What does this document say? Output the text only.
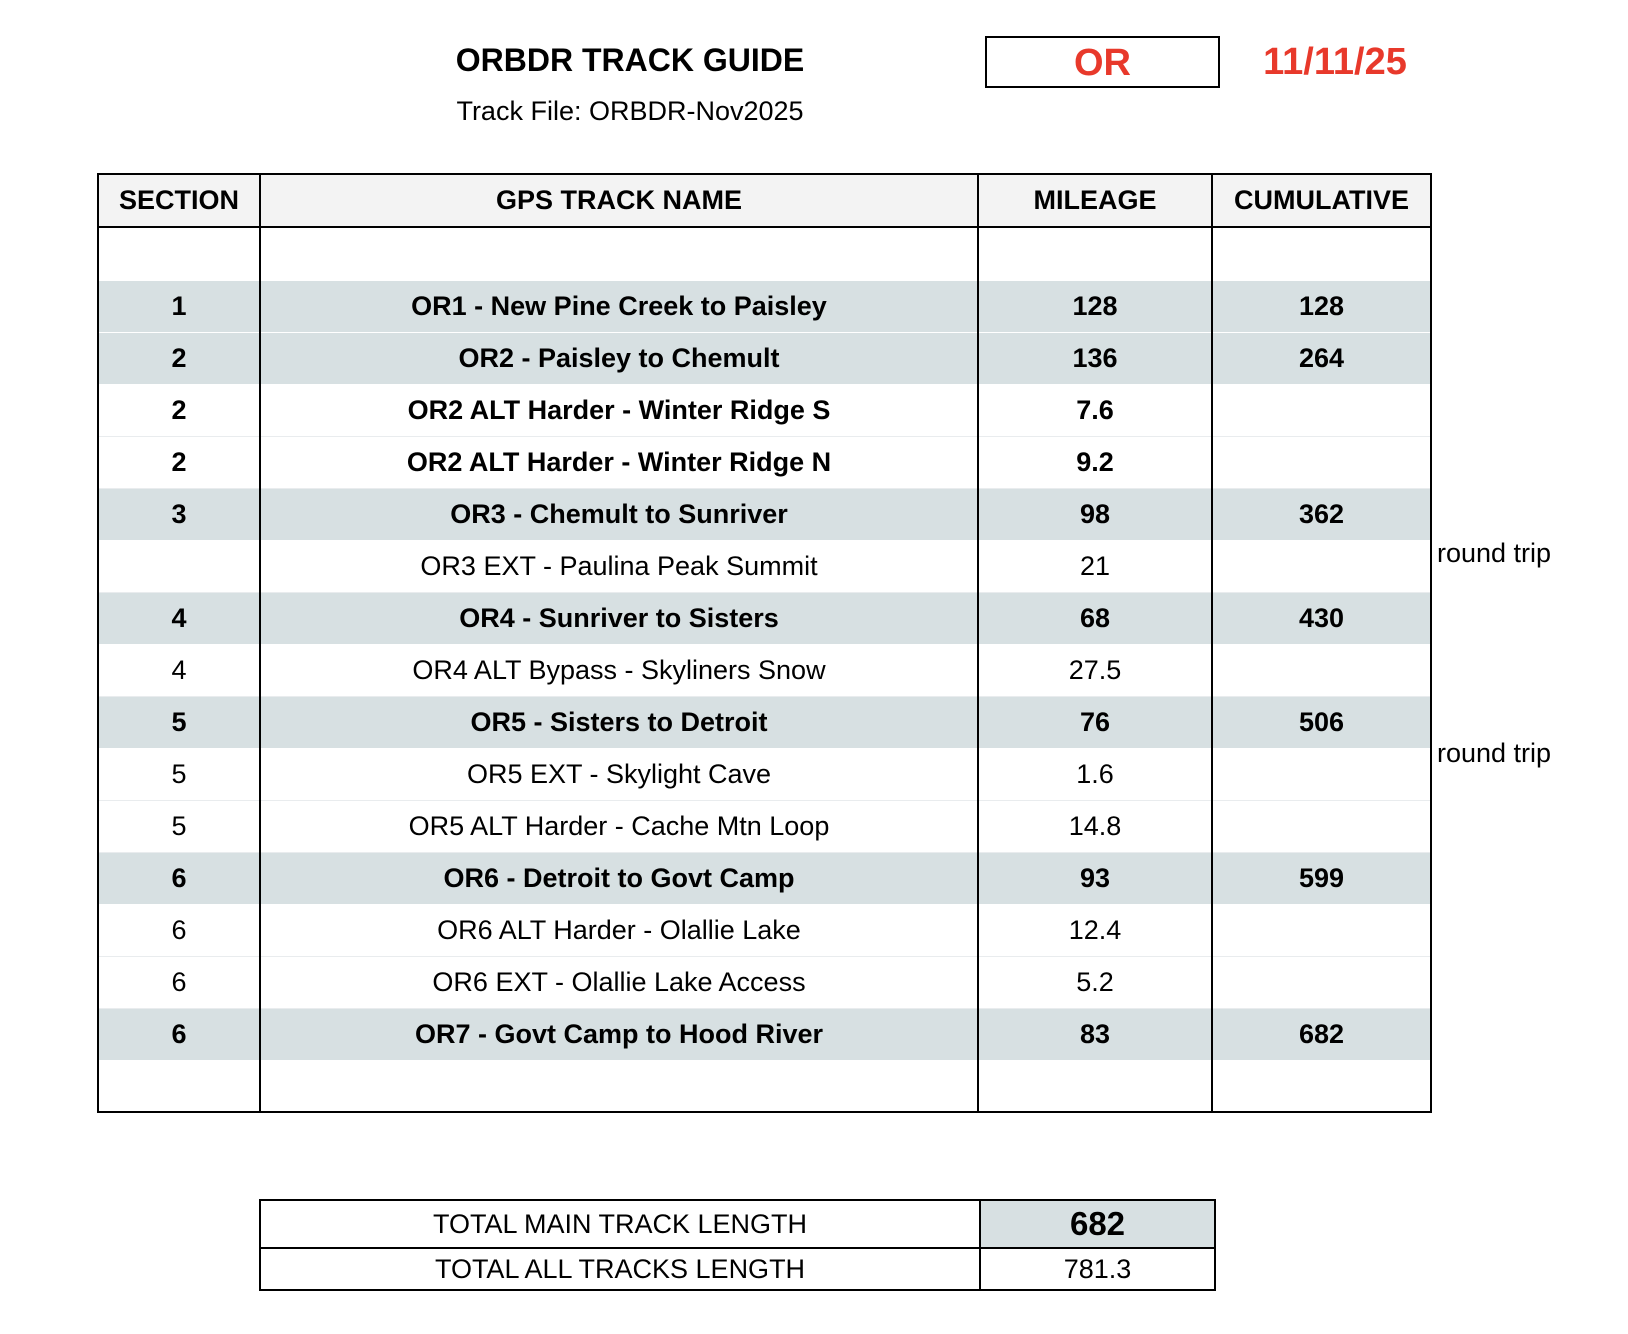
ORBDR TRACK GUIDE
Track File: ORBDR-Nov2025
OR	11/11/25
SECTION	GPS TRACK NAME	MILEAGE	CUMULATIVE

1	OR1 - New Pine Creek to Paisley	128	128
2	OR2 - Paisley to Chemult	136	264
2	OR2 ALT Harder - Winter Ridge S	7.6	
2	OR2 ALT Harder - Winter Ridge N	9.2	
3	OR3 - Chemult to Sunriver	98	362
	OR3 EXT - Paulina Peak Summit	21	
4	OR4 - Sunriver to Sisters	68	430
4	OR4 ALT Bypass - Skyliners Snow	27.5	
5	OR5 - Sisters to Detroit	76	506
5	OR5 EXT - Skylight Cave	1.6	
5	OR5 ALT Harder - Cache Mtn Loop	14.8	
6	OR6 - Detroit to Govt Camp	93	599
6	OR6 ALT Harder - Olallie Lake	12.4	
6	OR6 EXT - Olallie Lake Access	5.2	
6	OR7 - Govt Camp to Hood River	83	682

round trip
round trip
TOTAL MAIN TRACK LENGTH	682
TOTAL ALL TRACKS LENGTH	781.3
